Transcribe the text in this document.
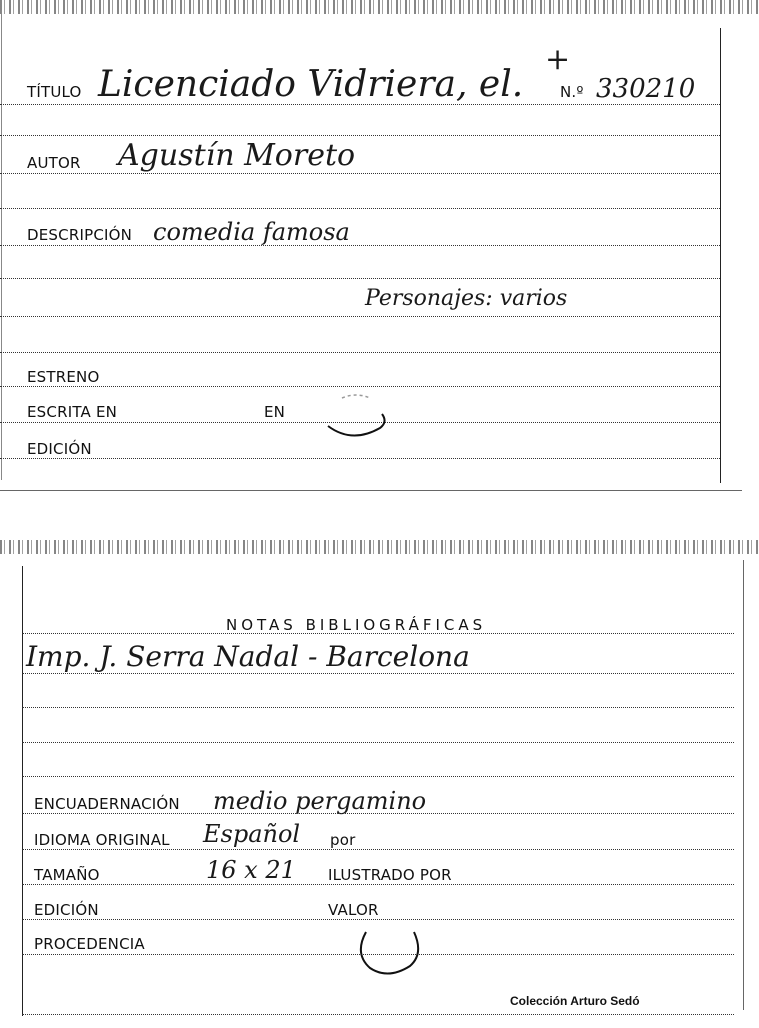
TÍTULO Licenciado Vidriera, el.
+
N.º 330210
AUTOR Agustín Moreto
DESCRIPCIÓN comedia famosa
Personajes: varios
ESTRENO
ESCRITA EN	EN
EDICIÓN
NOTAS BIBLIOGRÁFICAS
Imp. J. Serra Nadal - Barcelona
ENCUADERNACIÓN medio pergamino
IDIOMA ORIGINAL Español por
TAMAÑO	16 x 21 ILUSTRADO POR
EDICIÓN	VALOR
PROCEDENCIA
Colección Arturo Sedó
